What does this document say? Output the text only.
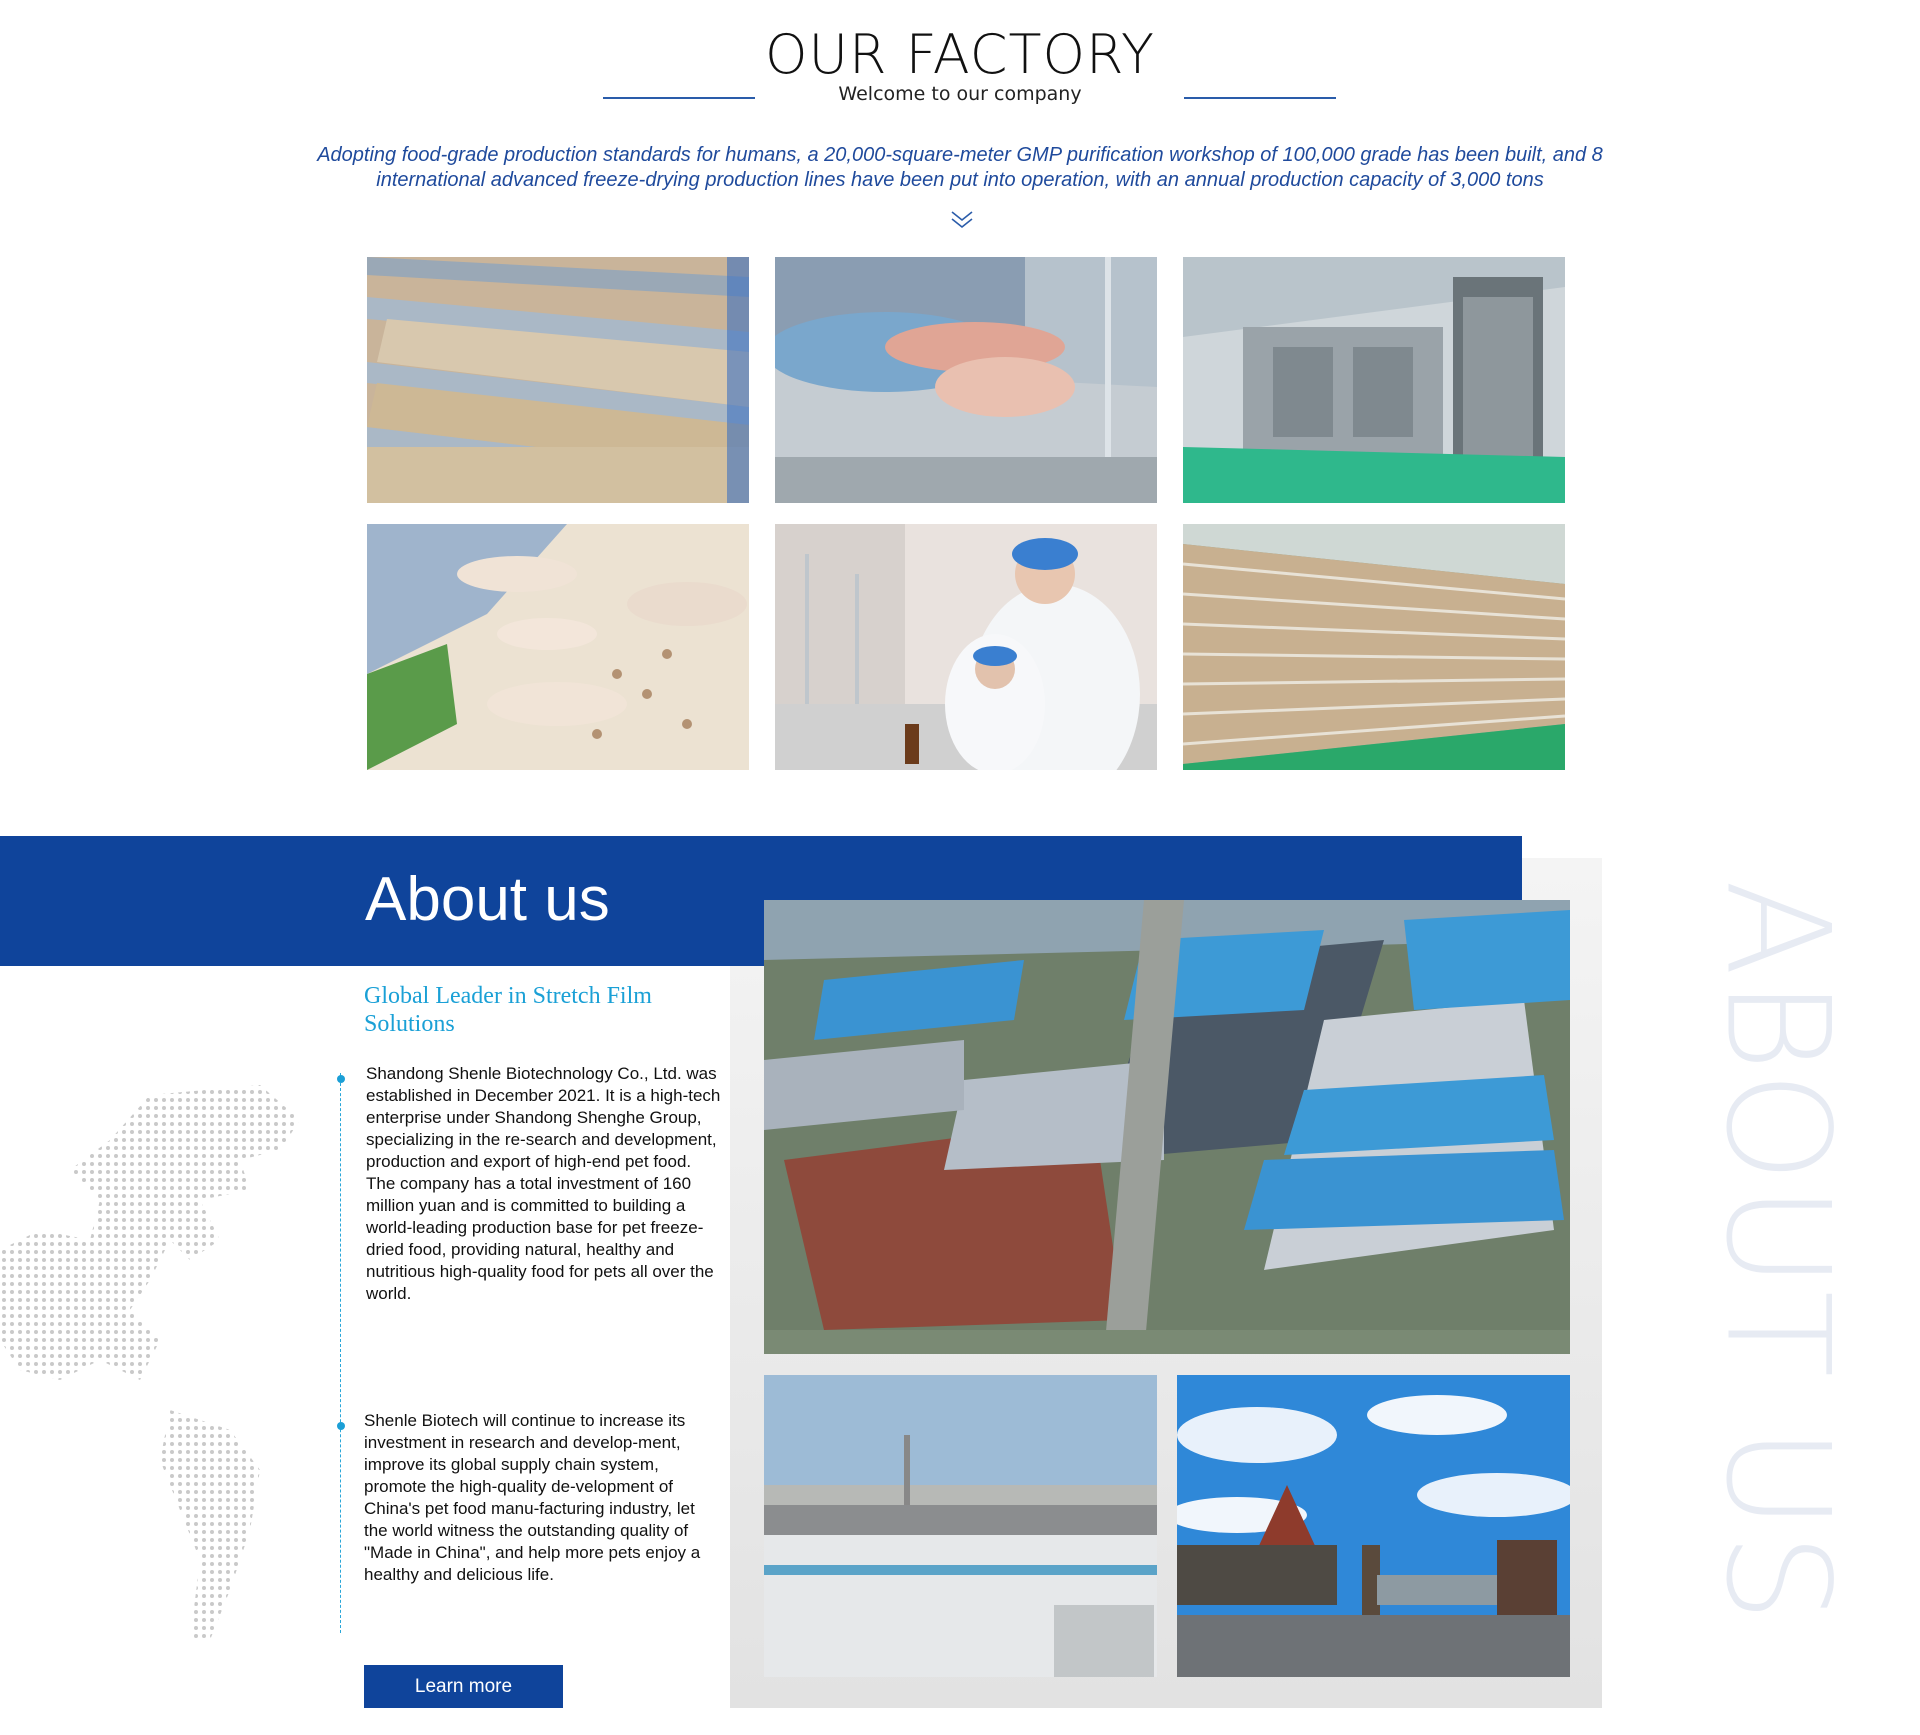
OUR FACTORY
Welcome to our company
Adopting food-grade production standards for humans, a 20,000-square-meter GMP purification workshop of 100,000 grade has been built, and 8 international advanced freeze-drying production lines have been put into operation, with an annual production capacity of 3,000 tons
About us	ABOUT US
Global Leader in Stretch Film Solutions
Shandong Shenle Biotechnology Co., Ltd. was established in December 2021. It is a high-tech enterprise under Shandong Shenghe Group, specializing in the re-search and development, production and export of high-end pet food. The company has a total investment of 160 million yuan and is committed to building a world-leading production base for pet freeze-dried food, providing natural, healthy and nutritious high-quality food for pets all over the world.
Shenle Biotech will continue to increase its investment in research and develop-ment, improve its global supply chain system, promote the high-quality de-velopment of China's pet food manu-facturing industry, let the world witness the outstanding quality of "Made in China", and help more pets enjoy a healthy and delicious life.
Learn more
